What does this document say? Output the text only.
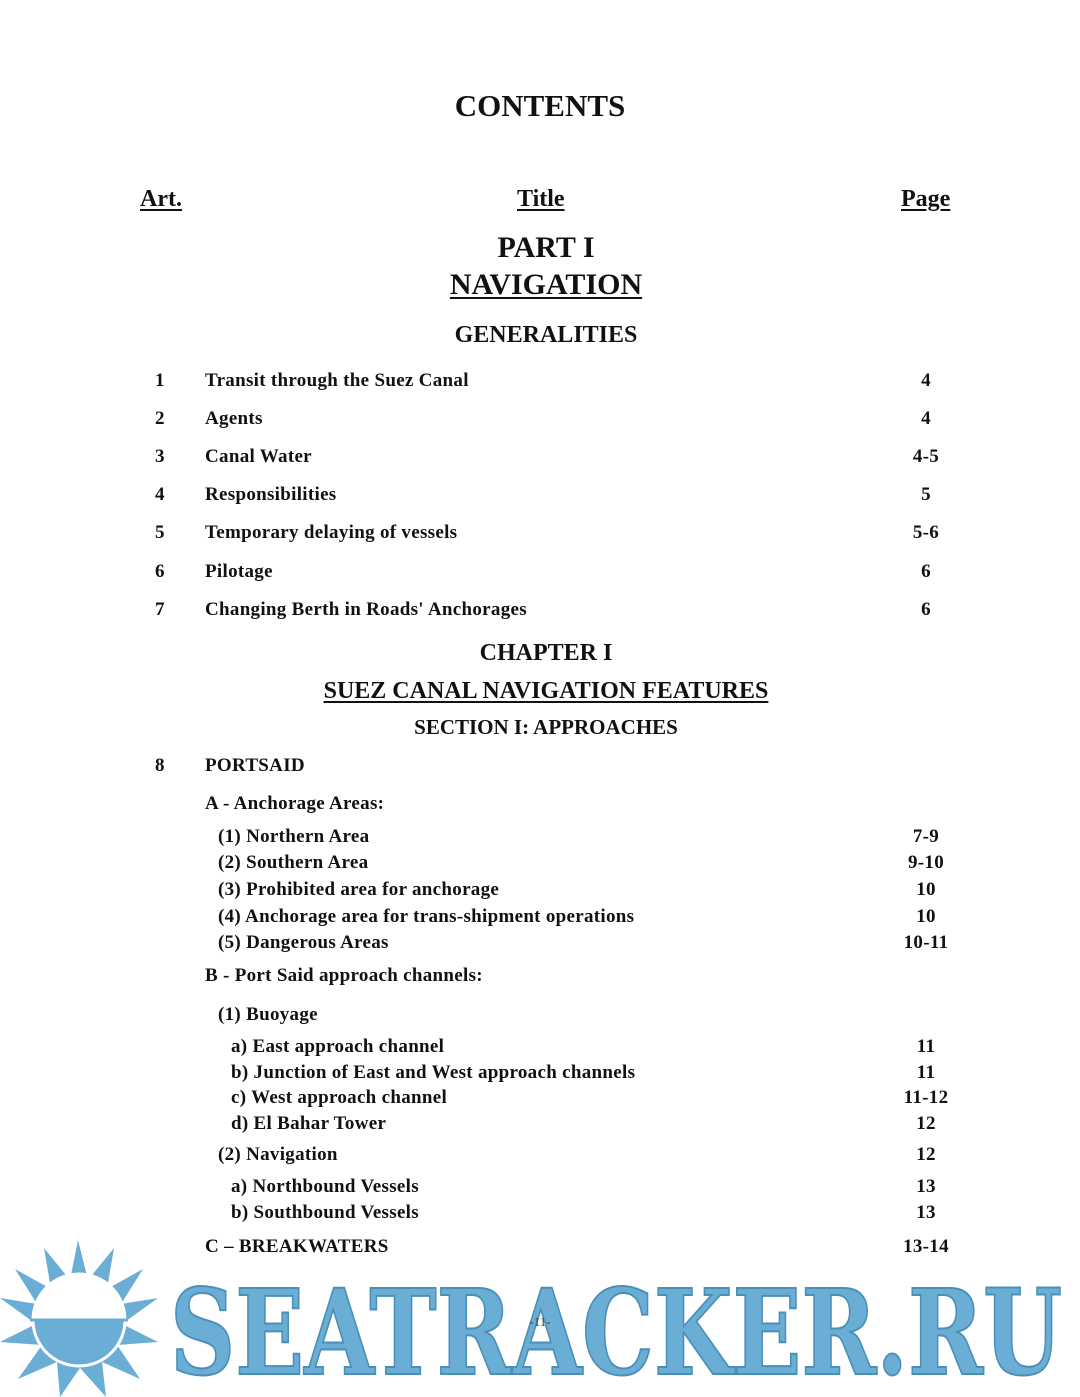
CONTENTS
Art.	Title	Page
PART I
NAVIGATION
GENERALITIES
1 Transit through the Suez Canal	4
2 Agents	4
3 Canal Water	4-5
4 Responsibilities	5
5 Temporary delaying of vessels	5-6
6 Pilotage	6
7 Changing Berth in Roads' Anchorages	6
CHAPTER I
SUEZ CANAL NAVIGATION FEATURES
SECTION I: APPROACHES
8 PORTSAID
A - Anchorage Areas:
(1) Northern Area	7-9
(2) Southern Area	9-10
(3) Prohibited area for anchorage	10
(4) Anchorage area for trans-shipment operations	10
(5) Dangerous Areas	10-11
B - Port Said approach channels:
(1) Buoyage
a) East approach channel	11
b) Junction of East and West approach channels	11
c) West approach channel	11-12
d) El Bahar Tower	12
(2) Navigation	12
a) Northbound Vessels	13
b) Southbound Vessels	13
C – BREAKWATERS	13-14
SEATRACKER.RU
-11-
